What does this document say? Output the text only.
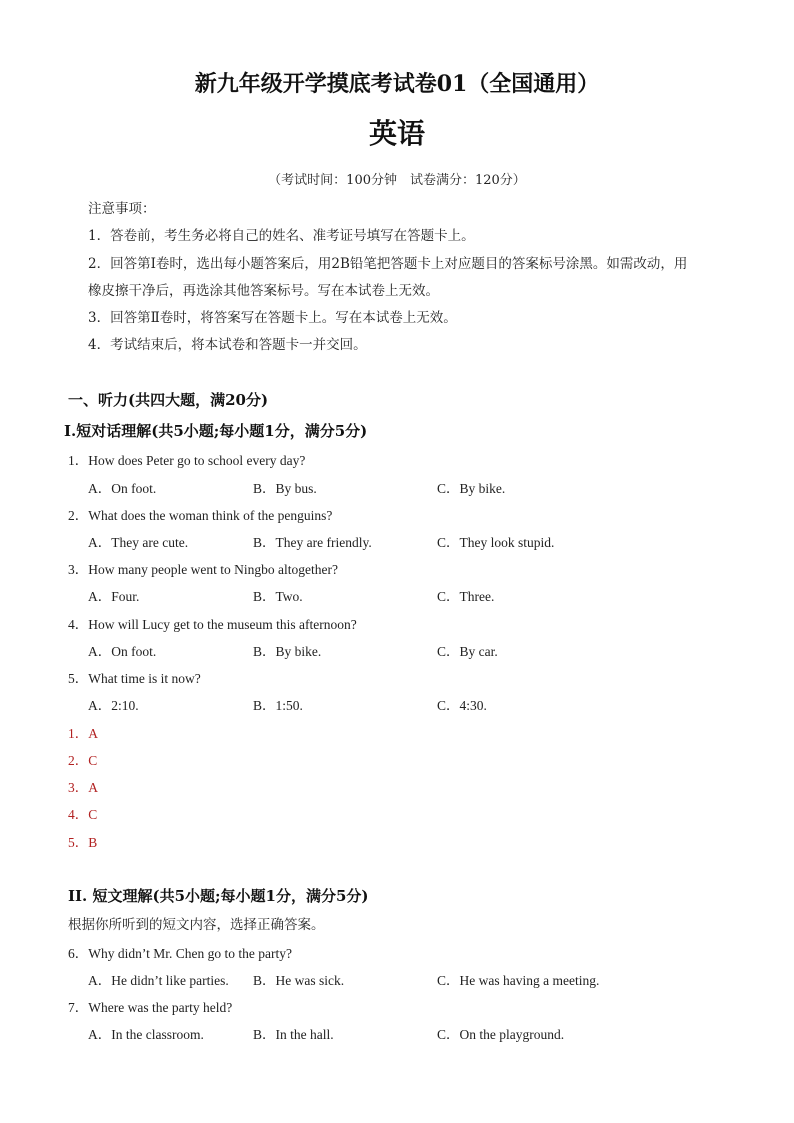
新九年级开学摸底考试卷01（全国通用）
英语
（考试时间：100分钟　试卷满分：120分）
注意事项：
1．答卷前，考生务必将自己的姓名、准考证号填写在答题卡上。
2．回答第Ⅰ卷时，选出每小题答案后，用2B铅笔把答题卡上对应题目的答案标号涂黑。如需改动，用
橡皮擦干净后，再选涂其他答案标号。写在本试卷上无效。
3．回答第Ⅱ卷时，将答案写在答题卡上。写在本试卷上无效。
4．考试结束后，将本试卷和答题卡一并交回。
一、听力(共四大题，满20分)
Ⅰ.短对话理解(共5小题;每小题1分，满分5分)
1．How does Peter go to school every day?
A．On foot.	B．By bus.	C．By bike.
2．What does the woman think of the penguins?
A．They are cute.	B．They are friendly.	C．They look stupid.
3．How many people went to Ningbo altogether?
A．Four.	B．Two.	C．Three.
4．How will Lucy get to the museum this afternoon?
A．On foot.	B．By bike.	C．By car.
5．What time is it now?
A．2:10.	B．1:50.	C．4:30.
1．A
2．C
3．A
4．C
5．B
II. 短文理解(共5小题;每小题1分，满分5分)
根据你所听到的短文内容，选择正确答案。
6．Why didn’t Mr. Chen go to the party?
A．He didn’t like parties. B．He was sick.	C．He was having a meeting.
7．Where was the party held?
A．In the classroom.	B．In the hall.	C．On the playground.
